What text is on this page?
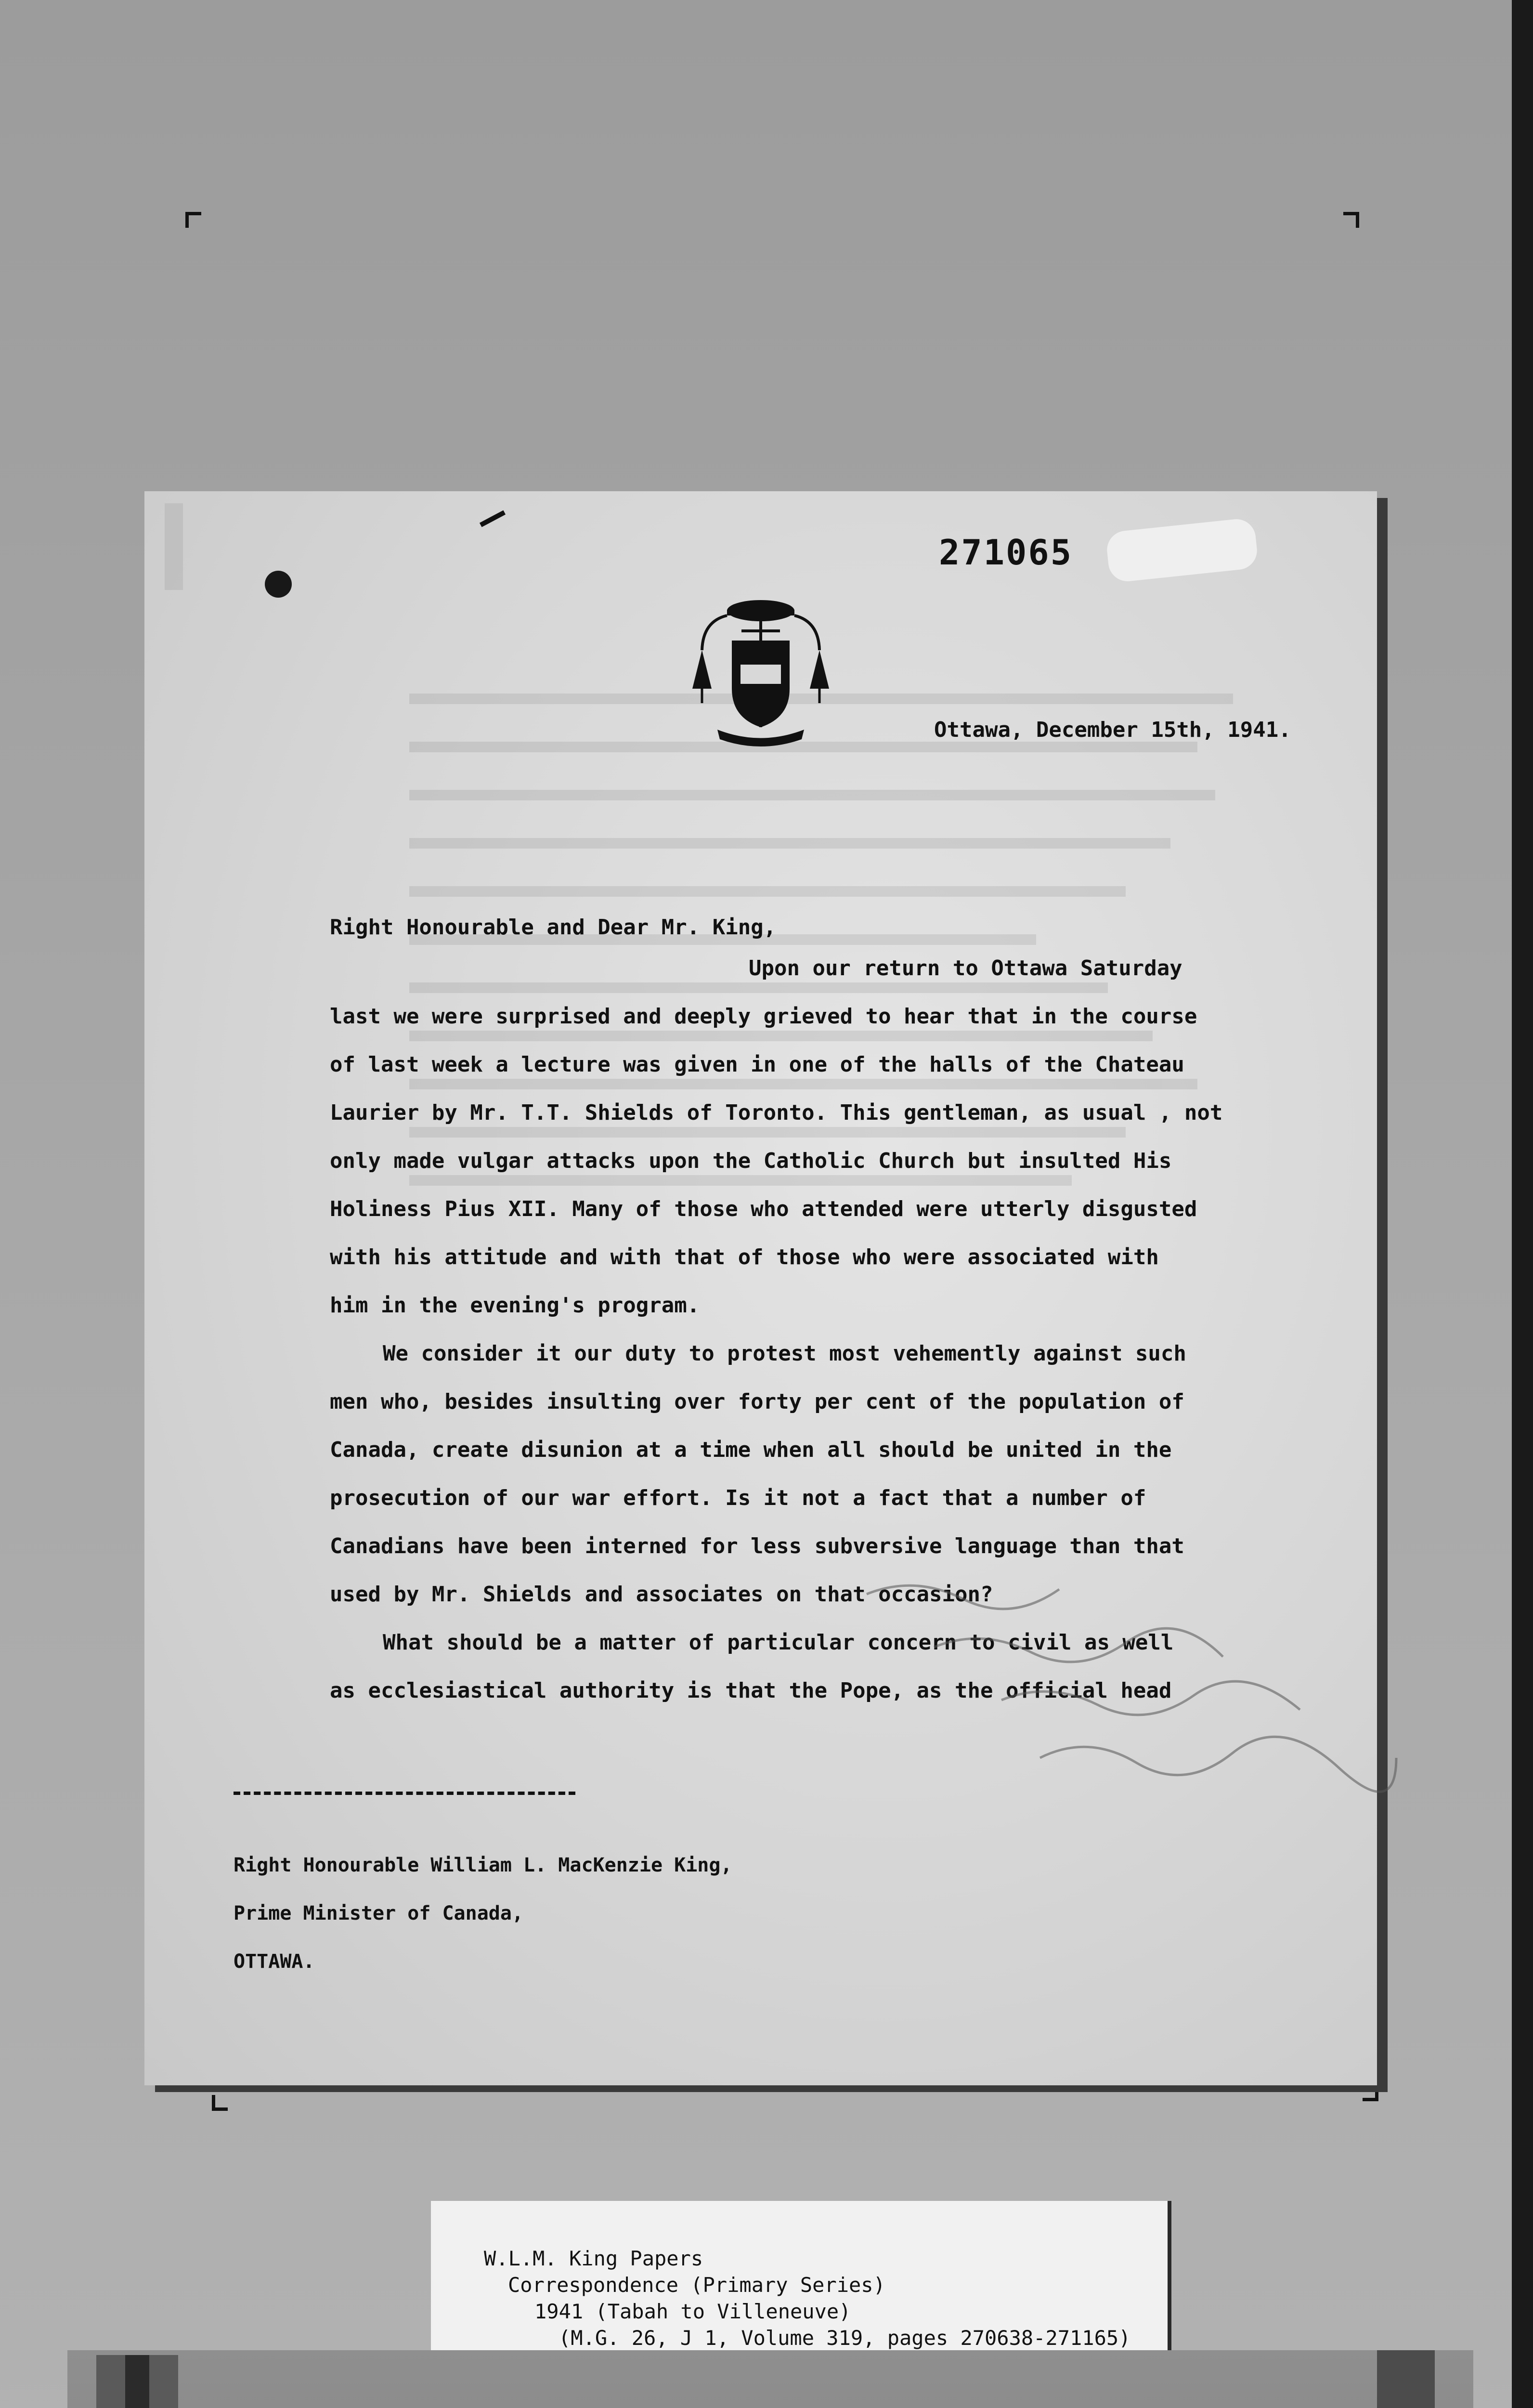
271065
Ottawa, December 15th, 1941.
Right Honourable and Dear Mr. King,
Upon our return to Ottawa Saturday
last we were surprised and deeply grieved to hear that in the course
of last week a lecture was given in one of the halls of the Chateau
Laurier by Mr. T.T. Shields of Toronto. This gentleman, as usual , not
only made vulgar attacks upon the Catholic Church but insulted His
Holiness Pius XII. Many of those who attended were utterly disgusted
with his attitude and with that of those who were associated with
him in the evening's program.
We consider it our duty to protest most vehemently against such
men who, besides insulting over forty per cent of the population of
Canada, create disunion at a time when all should be united in the
prosecution of our war effort. Is it not a fact that a number of
Canadians have been interned for less subversive language than that
used by Mr. Shields and associates on that occasion?
What should be a matter of particular concern to civil as well
as ecclesiastical authority is that the Pope, as the official head
Right Honourable William L. MacKenzie King,
Prime Minister of Canada,
OTTAWA.
W.L.M. King Papers
Correspondence (Primary Series)
1941 (Tabah to Villeneuve)
(M.G. 26, J 1, Volume 319, pages 270638-271165)
